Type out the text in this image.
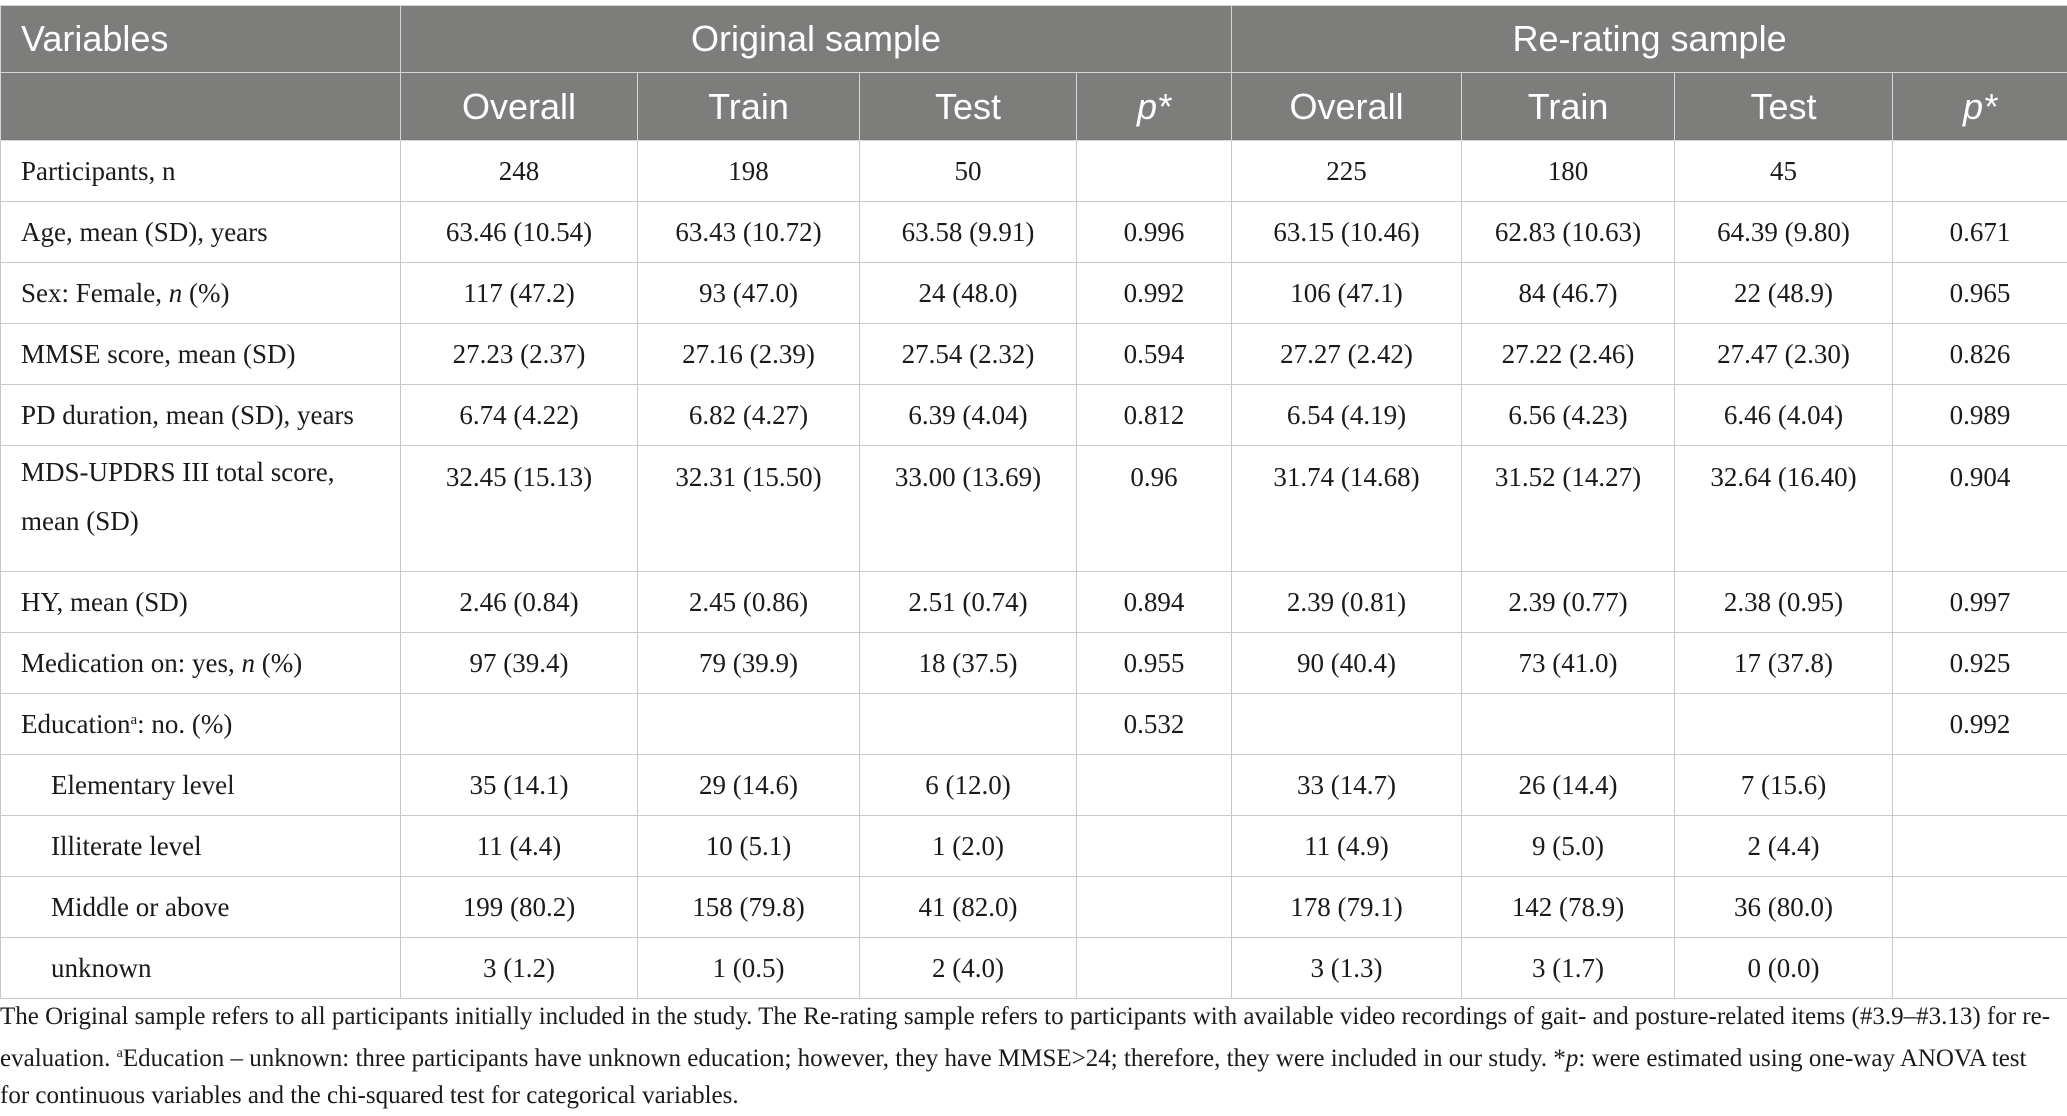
Variables	Original sample				Re-rating sample			
	Overall	Train	Test	p*	Overall	Train	Test	p*
Participants, n	248	198	50		225	180	45	
Age, mean (SD), years	63.46 (10.54)	63.43 (10.72)	63.58 (9.91)	0.996	63.15 (10.46)	62.83 (10.63)	64.39 (9.80)	0.671
Sex: Female, n (%)	117 (47.2)	93 (47.0)	24 (48.0)	0.992	106 (47.1)	84 (46.7)	22 (48.9)	0.965
MMSE score, mean (SD)	27.23 (2.37)	27.16 (2.39)	27.54 (2.32)	0.594	27.27 (2.42)	27.22 (2.46)	27.47 (2.30)	0.826
PD duration, mean (SD), years	6.74 (4.22)	6.82 (4.27)	6.39 (4.04)	0.812	6.54 (4.19)	6.56 (4.23)	6.46 (4.04)	0.989
MDS-UPDRS III total score,
mean (SD)	32.45 (15.13)	32.31 (15.50)	33.00 (13.69)	0.96	31.74 (14.68)	31.52 (14.27)	32.64 (16.40)	0.904
HY, mean (SD)	2.46 (0.84)	2.45 (0.86)	2.51 (0.74)	0.894	2.39 (0.81)	2.39 (0.77)	2.38 (0.95)	0.997
Medication on: yes, n (%)	97 (39.4)	79 (39.9)	18 (37.5)	0.955	90 (40.4)	73 (41.0)	17 (37.8)	0.925
Education$^a$: no. (%)				0.532				0.992
Elementary level	35 (14.1)	29 (14.6)	6 (12.0)		33 (14.7)	26 (14.4)	7 (15.6)	
Illiterate level	11 (4.4)	10 (5.1)	1 (2.0)		11 (4.9)	9 (5.0)	2 (4.4)	
Middle or above	199 (80.2)	158 (79.8)	41 (82.0)		178 (79.1)	142 (78.9)	36 (80.0)	
unknown	3 (1.2)	1 (0.5)	2 (4.0)		3 (1.3)	3 (1.7)	0 (0.0)	
The Original sample refers to all participants initially included in the study. The Re-rating sample refers to participants with available video recordings of gait- and posture-related items (#3.9–#3.13) for re-evaluation. $^a$Education – unknown: three participants have unknown education; however, they have MMSE>24; therefore, they were included in our study. *p: were estimated using one-way ANOVA test for continuous variables and the chi-squared test for categorical variables.
